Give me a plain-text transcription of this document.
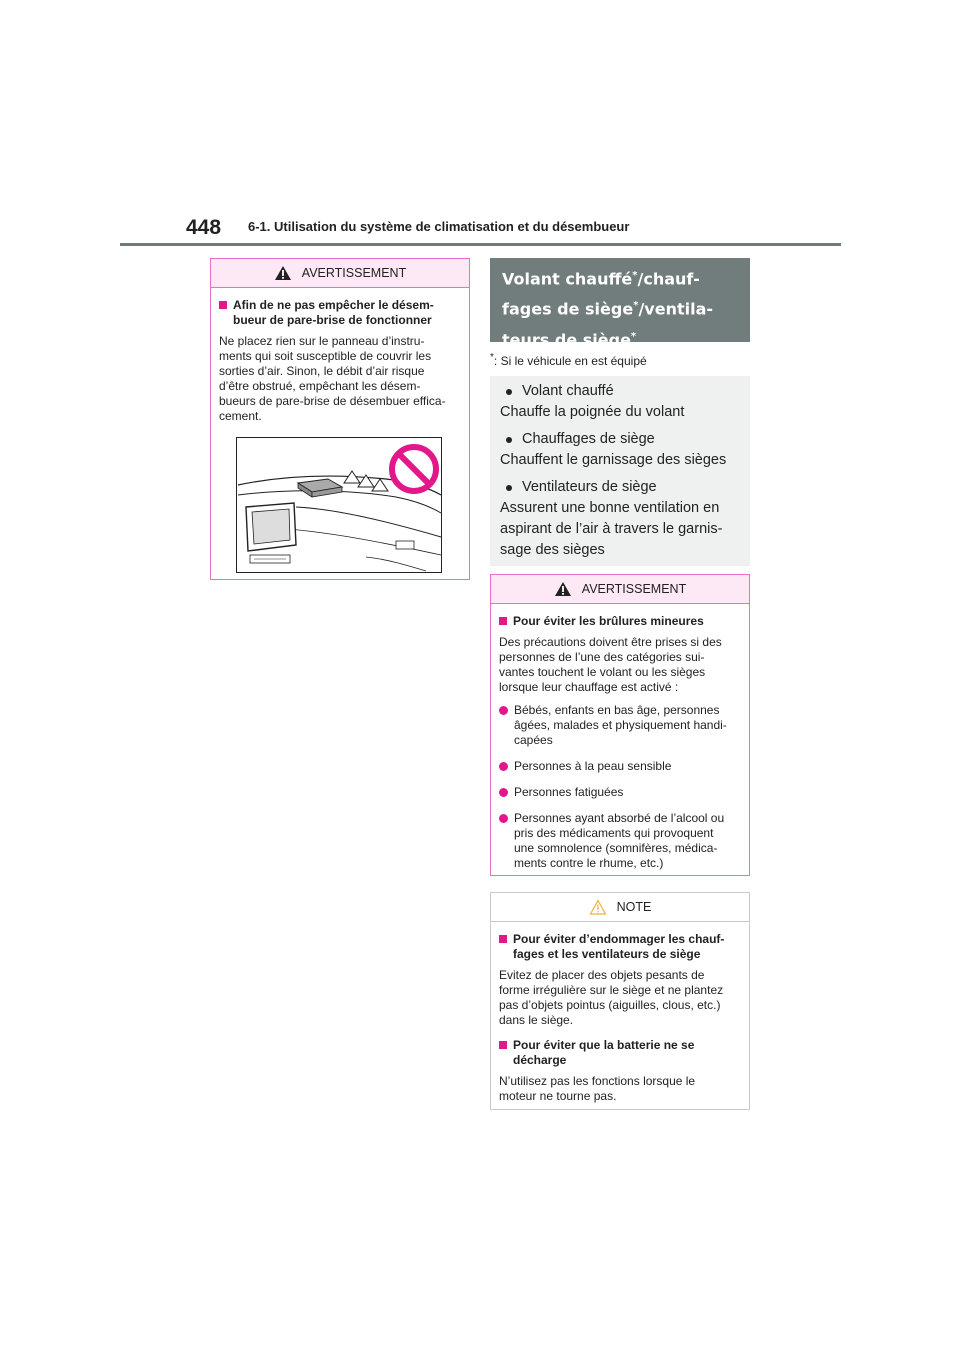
448 6-1. Utilisation du système de climatisation et du désembueur
AVERTISSEMENT
Afin de ne pas empêcher le désem-
bueur de pare-brise de fonctionner
Ne placez rien sur le panneau d’instru-
ments qui soit susceptible de couvrir les
sorties d’air. Sinon, le débit d’air risque
d’être obstrué, empêchant les désem-
bueurs de pare-brise de désembuer effica-
cement.
Volant chauffé*/chauf-
fages de siège*/ventila-
teurs de siège*
*: Si le véhicule en est équipé
Volant chauffé
Chauffe la poignée du volant
Chauffages de siège
Chauffent le garnissage des sièges
Ventilateurs de siège
Assurent une bonne ventilation en
aspirant de l’air à travers le garnis-
sage des sièges
AVERTISSEMENT
Pour éviter les brûlures mineures
Des précautions doivent être prises si des
personnes de l’une des catégories sui-
vantes touchent le volant ou les sièges
lorsque leur chauffage est activé :
Bébés, enfants en bas âge, personnes
âgées, malades et physiquement handi-
capées
Personnes à la peau sensible
Personnes fatiguées
Personnes ayant absorbé de l’alcool ou
pris des médicaments qui provoquent
une somnolence (somnifères, médica-
ments contre le rhume, etc.)
NOTE
Pour éviter d’endommager les chauf-
fages et les ventilateurs de siège
Evitez de placer des objets pesants de
forme irrégulière sur le siège et ne plantez
pas d’objets pointus (aiguilles, clous, etc.)
dans le siège.
Pour éviter que la batterie ne se
décharge
N’utilisez pas les fonctions lorsque le
moteur ne tourne pas.
